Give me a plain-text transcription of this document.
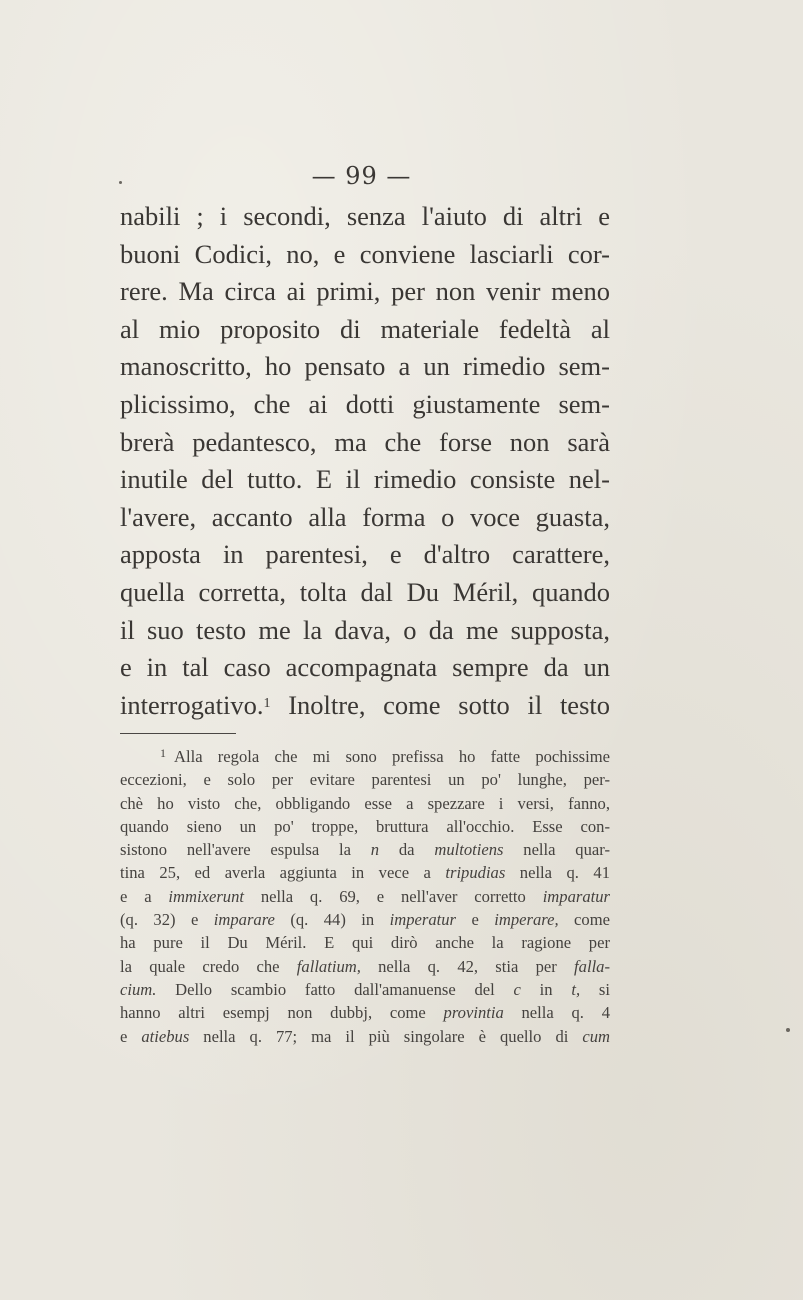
— 99 —
nabili ; i secondi, senza l'aiuto di altri e
buoni Codici, no, e conviene lasciarli cor-
rere. Ma circa ai primi, per non venir meno
al mio proposito di materiale fedeltà al
manoscritto, ho pensato a un rimedio sem-
plicissimo, che ai dotti giustamente sem-
brerà pedantesco, ma che forse non sarà
inutile del tutto. E il rimedio consiste nel-
l'avere, accanto alla forma o voce guasta,
apposta in parentesi, e d'altro carattere,
quella corretta, tolta dal Du Méril, quando
il suo testo me la dava, o da me supposta,
e in tal caso accompagnata sempre da un
interrogativo.$^1$ Inoltre, come sotto il testo
$^1$ Alla regola che mi sono prefissa ho fatte pochissime
eccezioni, e solo per evitare parentesi un po' lunghe, per-
chè ho visto che, obbligando esse a spezzare i versi, fanno,
quando sieno un po' troppe, bruttura all'occhio. Esse con-
sistono nell'avere espulsa la n da multotiens nella quar-
tina 25, ed averla aggiunta in vece a tripudias nella q. 41
e a immixerunt nella q. 69, e nell'aver corretto imparatur
(q. 32) e imparare (q. 44) in imperatur e imperare, come
ha pure il Du Méril. E qui dirò anche la ragione per
la quale credo che fallatium, nella q. 42, stia per falla-
cium. Dello scambio fatto dall'amanuense del c in t, si
hanno altri esempj non dubbj, come provintia nella q. 4
e atiebus nella q. 77; ma il più singolare è quello di cum
